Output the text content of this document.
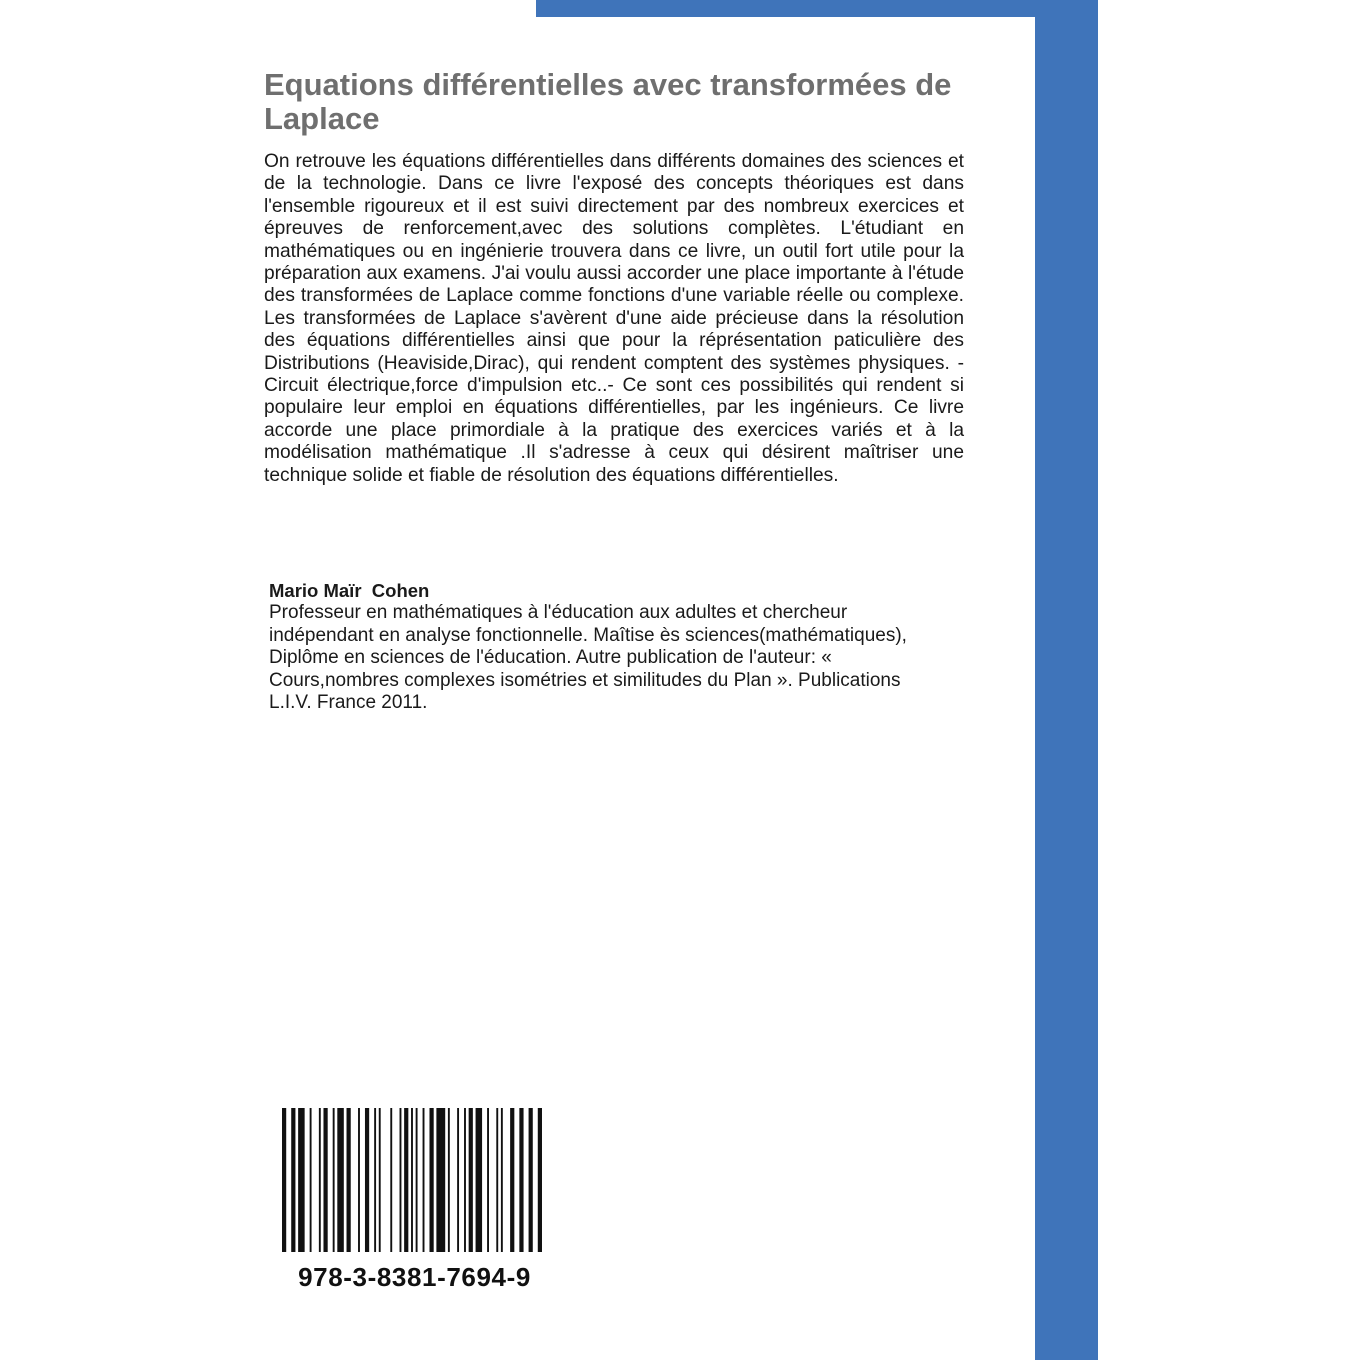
Equations différentielles avec transformées de Laplace

On retrouve les équations différentielles dans différents domaines des sciences et de la technologie. Dans ce livre l'exposé des concepts théoriques est dans l'ensemble rigoureux et il est suivi directement par des nombreux exercices et épreuves de renforcement,avec des solutions complètes. L'étudiant en mathématiques ou en ingénierie trouvera dans ce livre, un outil fort utile pour la préparation aux examens. J'ai voulu aussi accorder une place importante à l'étude des transformées de Laplace comme fonctions d'une variable réelle ou complexe. Les transformées de Laplace s'avèrent d'une aide précieuse dans la résolution des équations différentielles ainsi que pour la réprésentation paticulière des Distributions (Heaviside,Dirac), qui rendent comptent des systèmes physiques. -Circuit électrique,force d'impulsion etc..- Ce sont ces possibilités qui rendent si populaire leur emploi en équations différentielles, par les ingénieurs. Ce livre accorde une place primordiale à la pratique des exercices variés et à la modélisation mathématique .Il s'adresse à ceux qui désirent maîtriser une technique solide et fiable de résolution des équations différentielles.

Mario Maïr  Cohen

Professeur en mathématiques à l'éducation aux adultes et chercheur indépendant en analyse fonctionnelle. Maîtise ès sciences(mathématiques), Diplôme en sciences de l'éducation. Autre publication de l'auteur: « Cours,nombres complexes isométries et similitudes du Plan ». Publications L.I.V. France 2011.

978-3-8381-7694-9
